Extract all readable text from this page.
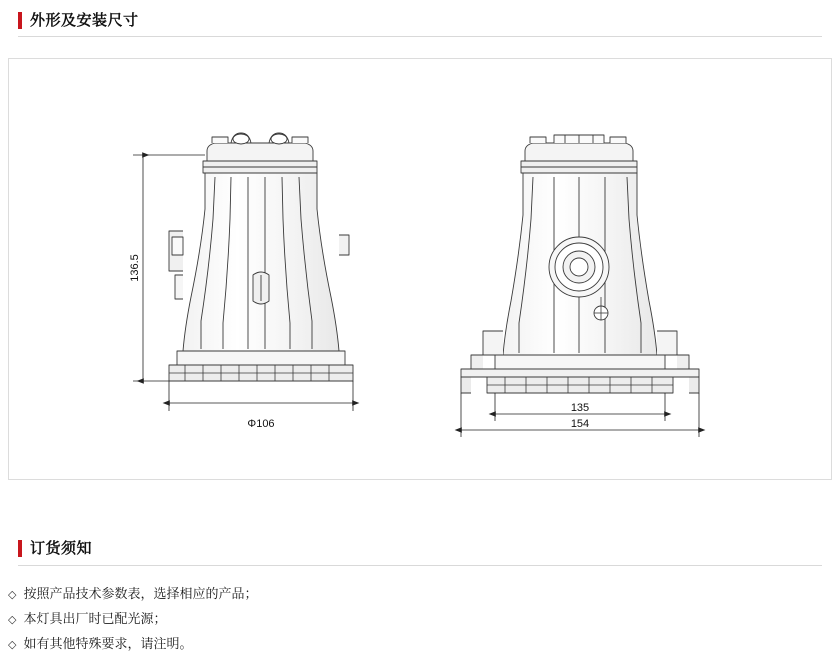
外形及安装尺寸
136.5
Φ106
135
154
订货须知
◇ 按照产品技术参数表，选择相应的产品；
◇ 本灯具出厂时已配光源；
◇ 如有其他特殊要求，请注明。
